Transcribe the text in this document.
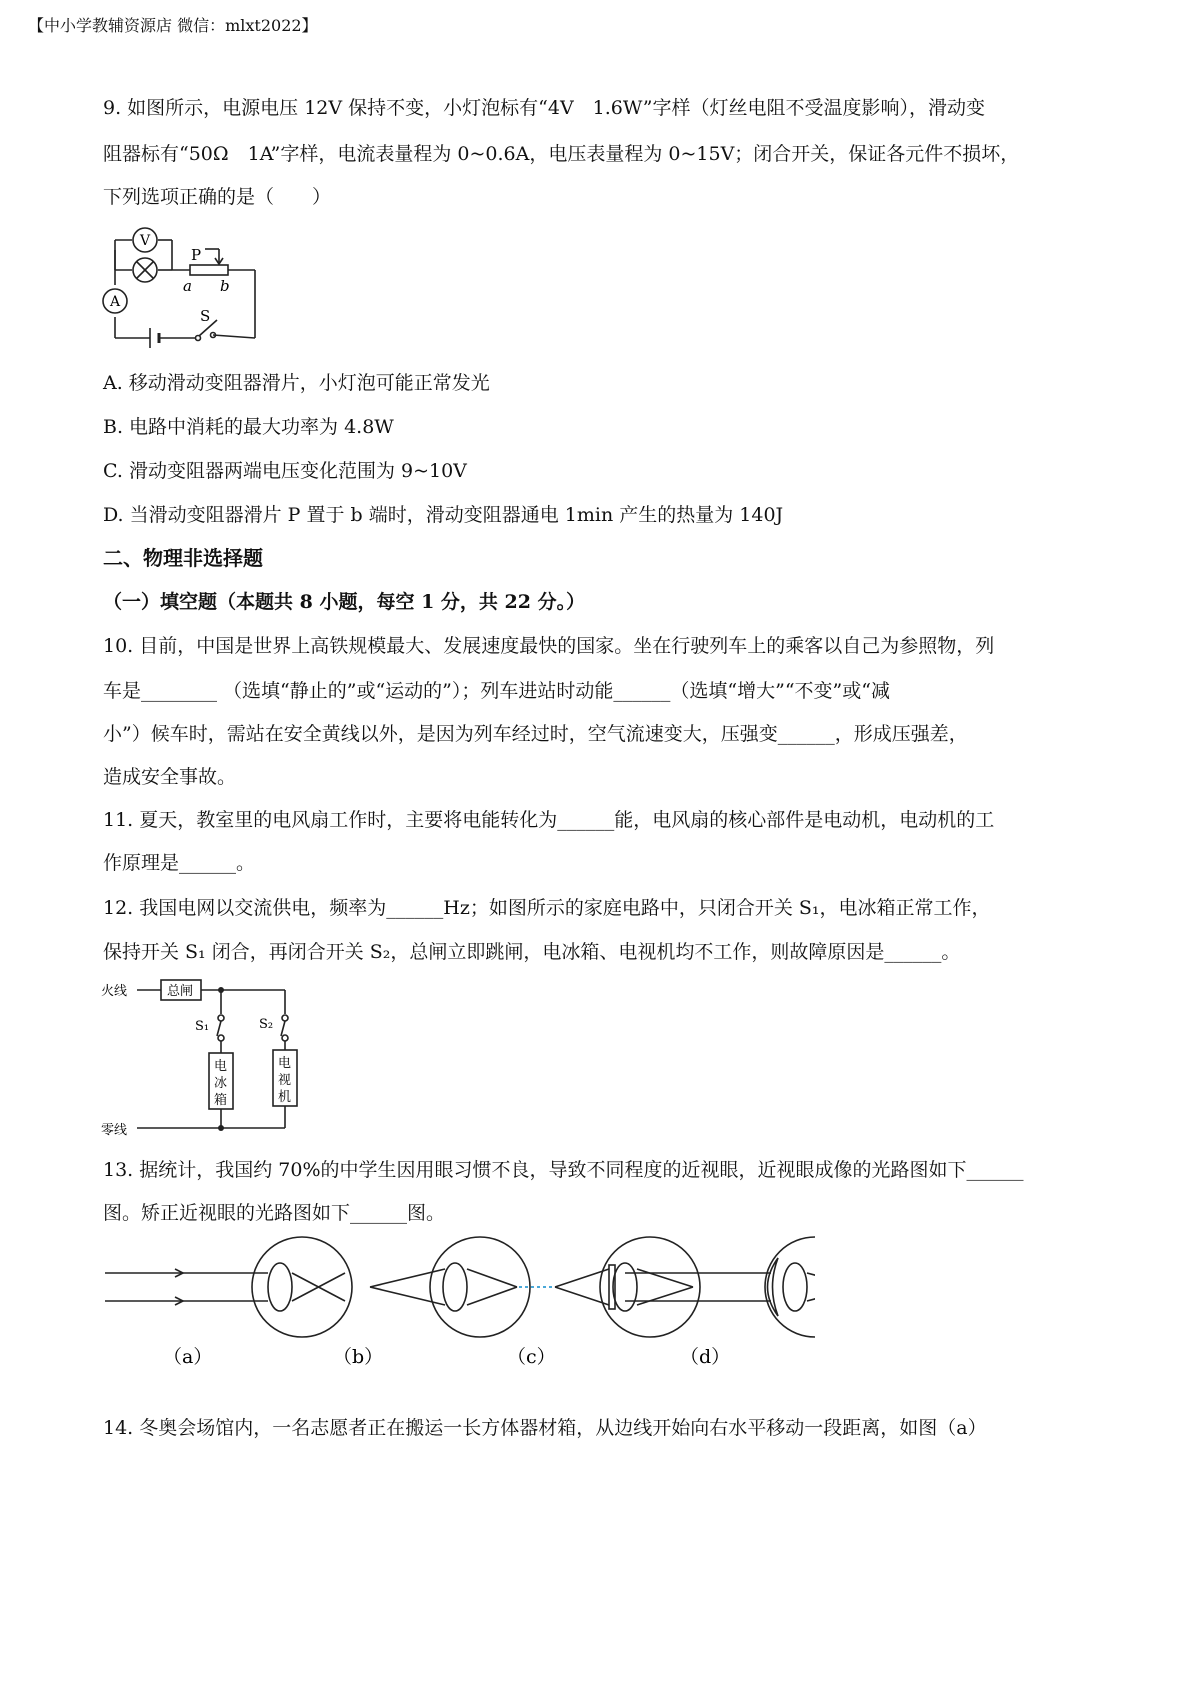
【中小学教辅资源店 微信：mlxt2022】
9. 如图所示，电源电压 12V 保持不变，小灯泡标有“4V　1.6W”字样（灯丝电阻不受温度影响），滑动变
阻器标有“50Ω　1A”字样，电流表量程为 0~0.6A，电压表量程为 0~15V；闭合开关，保证各元件不损坏，
下列选项正确的是（　　）
V
A
P
a b
S
A. 移动滑动变阻器滑片，小灯泡可能正常发光
B. 电路中消耗的最大功率为 4.8W
C. 滑动变阻器两端电压变化范围为 9~10V
D. 当滑动变阻器滑片 P 置于 b 端时，滑动变阻器通电 1min 产生的热量为 140J
二、物理非选择题
（一）填空题（本题共 8 小题，每空 1 分，共 22 分。）
10. 目前，中国是世界上高铁规模最大、发展速度最快的国家。坐在行驶列车上的乘客以自己为参照物，列
车是________ （选填“静止的”或“运动的”）；列车进站时动能______（选填“增大”“不变”或“减
小”）候车时，需站在安全黄线以外，是因为列车经过时，空气流速变大，压强变______，形成压强差，
造成安全事故。
11. 夏天，教室里的电风扇工作时，主要将电能转化为______能，电风扇的核心部件是电动机，电动机的工
作原理是______。
12. 我国电网以交流供电，频率为______Hz；如图所示的家庭电路中，只闭合开关 S₁，电冰箱正常工作，
保持开关 S₁ 闭合，再闭合开关 S₂，总闸立即跳闸，电冰箱、电视机均不工作，则故障原因是______。
火线
零线
总闸
S₁	S₂
电
冰
箱
电
视
机
13. 据统计，我国约 70%的中学生因用眼习惯不良，导致不同程度的近视眼，近视眼成像的光路图如下______
图。矫正近视眼的光路图如下______图。
（a）	（b）	（c）	（d）
14. 冬奥会场馆内，一名志愿者正在搬运一长方体器材箱，从边线开始向右水平移动一段距离，如图（a）
